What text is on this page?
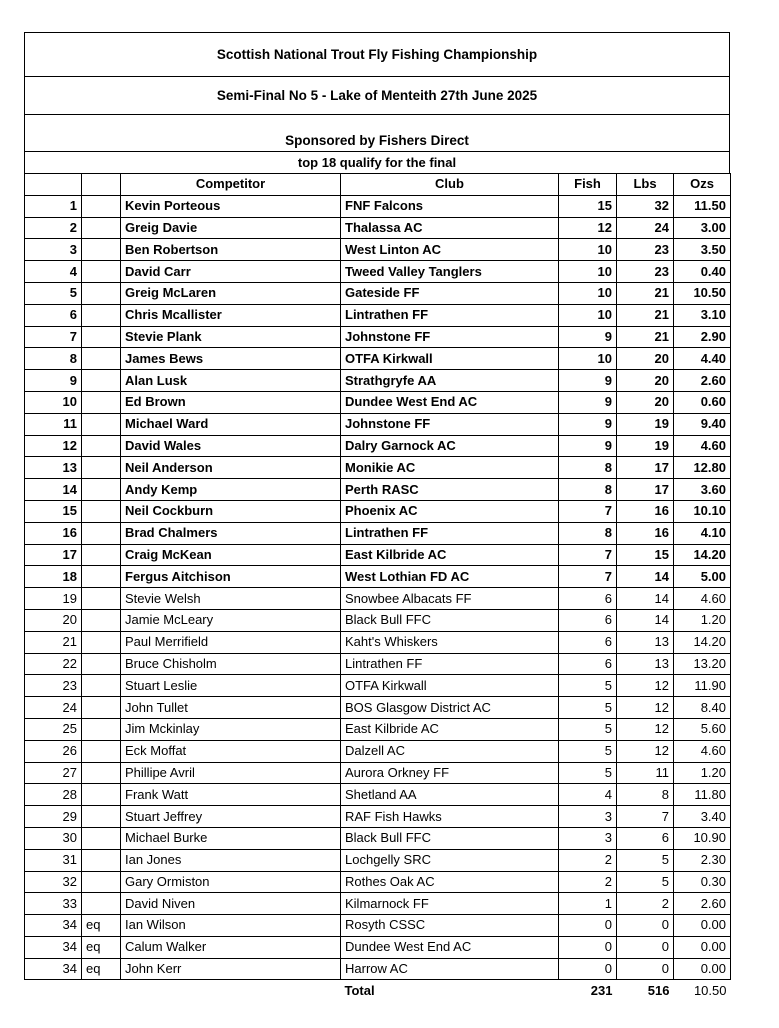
Scottish National Trout Fly Fishing Championship
Semi-Final No 5 - Lake of Menteith 27th June 2025
Sponsored by Fishers Direct
top 18 qualify for the final
		Competitor	Club	Fish	Lbs	Ozs
1		Kevin Porteous	FNF Falcons	15	32	11.50
2		Greig Davie	Thalassa AC	12	24	3.00
3		Ben Robertson	West Linton AC	10	23	3.50
4		David Carr	Tweed Valley Tanglers	10	23	0.40
5		Greig McLaren	Gateside FF	10	21	10.50
6		Chris Mcallister	Lintrathen FF	10	21	3.10
7		Stevie Plank	Johnstone FF	9	21	2.90
8		James Bews	OTFA Kirkwall	10	20	4.40
9		Alan Lusk	Strathgryfe AA	9	20	2.60
10		Ed Brown	Dundee West End AC	9	20	0.60
11		Michael Ward	Johnstone FF	9	19	9.40
12		David Wales	Dalry Garnock AC	9	19	4.60
13		Neil Anderson	Monikie AC	8	17	12.80
14		Andy Kemp	Perth RASC	8	17	3.60
15		Neil Cockburn	Phoenix AC	7	16	10.10
16		Brad Chalmers	Lintrathen FF	8	16	4.10
17		Craig McKean	East Kilbride AC	7	15	14.20
18		Fergus Aitchison	West Lothian FD AC	7	14	5.00
19		Stevie Welsh	Snowbee Albacats FF	6	14	4.60
20		Jamie McLeary	Black Bull FFC	6	14	1.20
21		Paul Merrifield	Kaht's Whiskers	6	13	14.20
22		Bruce Chisholm	Lintrathen FF	6	13	13.20
23		Stuart Leslie	OTFA Kirkwall	5	12	11.90
24		John Tullet	BOS Glasgow District AC	5	12	8.40
25		Jim Mckinlay	East Kilbride AC	5	12	5.60
26		Eck Moffat	Dalzell AC	5	12	4.60
27		Phillipe Avril	Aurora Orkney FF	5	11	1.20
28		Frank Watt	Shetland AA	4	8	11.80
29		Stuart Jeffrey	RAF Fish Hawks	3	7	3.40
30		Michael Burke	Black Bull FFC	3	6	10.90
31		Ian Jones	Lochgelly SRC	2	5	2.30
32		Gary Ormiston	Rothes Oak AC	2	5	0.30
33		David Niven	Kilmarnock FF	1	2	2.60
34	eq	Ian Wilson	Rosyth CSSC	0	0	0.00
34	eq	Calum Walker	Dundee West End AC	0	0	0.00
34	eq	John Kerr	Harrow AC	0	0	0.00
			Total	231	516	10.50
